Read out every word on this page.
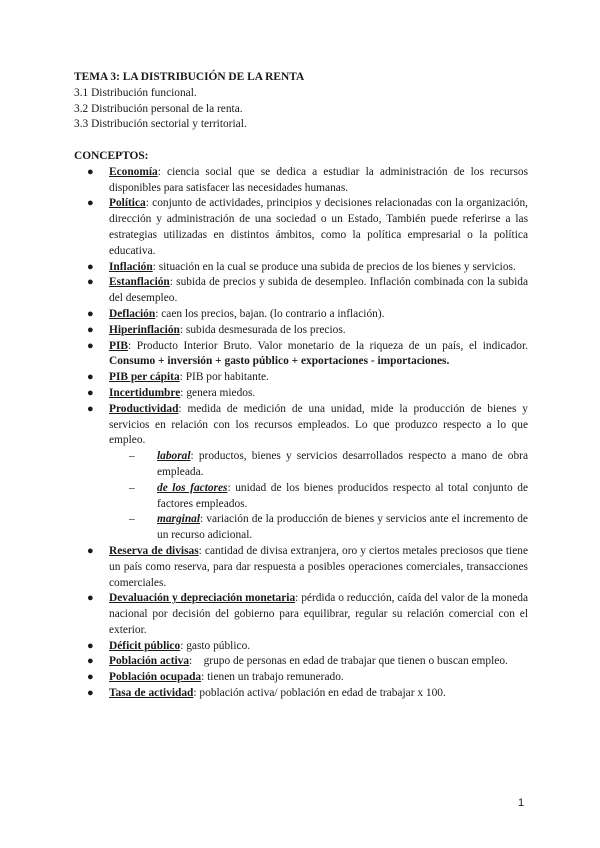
TEMA 3: LA DISTRIBUCIÓN DE LA RENTA

3.1 Distribución funcional.

3.2 Distribución personal de la renta.

3.3 Distribución sectorial y territorial.

CONCEPTOS:

● Economía: ciencia social que se dedica a estudiar la administración de los recursos disponibles para satisfacer las necesidades humanas.
● Política: conjunto de actividades, principios y decisiones relacionadas con la organización, dirección y administración de una sociedad o un Estado, También puede referirse a las estrategias utilizadas en distintos ámbitos, como la política empresarial o la política educativa.
● Inflación: situación en la cual se produce una subida de precios de los bienes y servicios.
● Estanflación: subida de precios y subida de desempleo. Inflación combinada con la subida del desempleo.
● Deflación: caen los precios, bajan. (lo contrario a inflación).
● Hiperinflación: subida desmesurada de los precios.
● PIB: Producto Interior Bruto. Valor monetario de la riqueza de un país, el indicador. Consumo + inversión + gasto público + exportaciones - importaciones.
● PIB per cápita: PIB por habitante.
● Incertidumbre: genera miedos.
● Productividad: medida de medición de una unidad, mide la producción de bienes y servicios en relación con los recursos empleados. Lo que produzco respecto a lo que empleo.
– laboral: productos, bienes y servicios desarrollados respecto a mano de obra empleada.
– de los factores: unidad de los bienes producidos respecto al total conjunto de factores empleados.
– marginal: variación de la producción de bienes y servicios ante el incremento de un recurso adicional.
● Reserva de divisas: cantidad de divisa extranjera, oro y ciertos metales preciosos que tiene un país como reserva, para dar respuesta a posibles operaciones comerciales, transacciones comerciales.
● Devaluación y depreciación monetaria: pérdida o reducción, caída del valor de la moneda nacional por decisión del gobierno para equilibrar, regular su relación comercial con el exterior.
● Déficit público: gasto público.
● Población activa:    grupo de personas en edad de trabajar que tienen o buscan empleo.
● Población ocupada: tienen un trabajo remunerado.
● Tasa de actividad: población activa/ población en edad de trabajar x 100.
1
